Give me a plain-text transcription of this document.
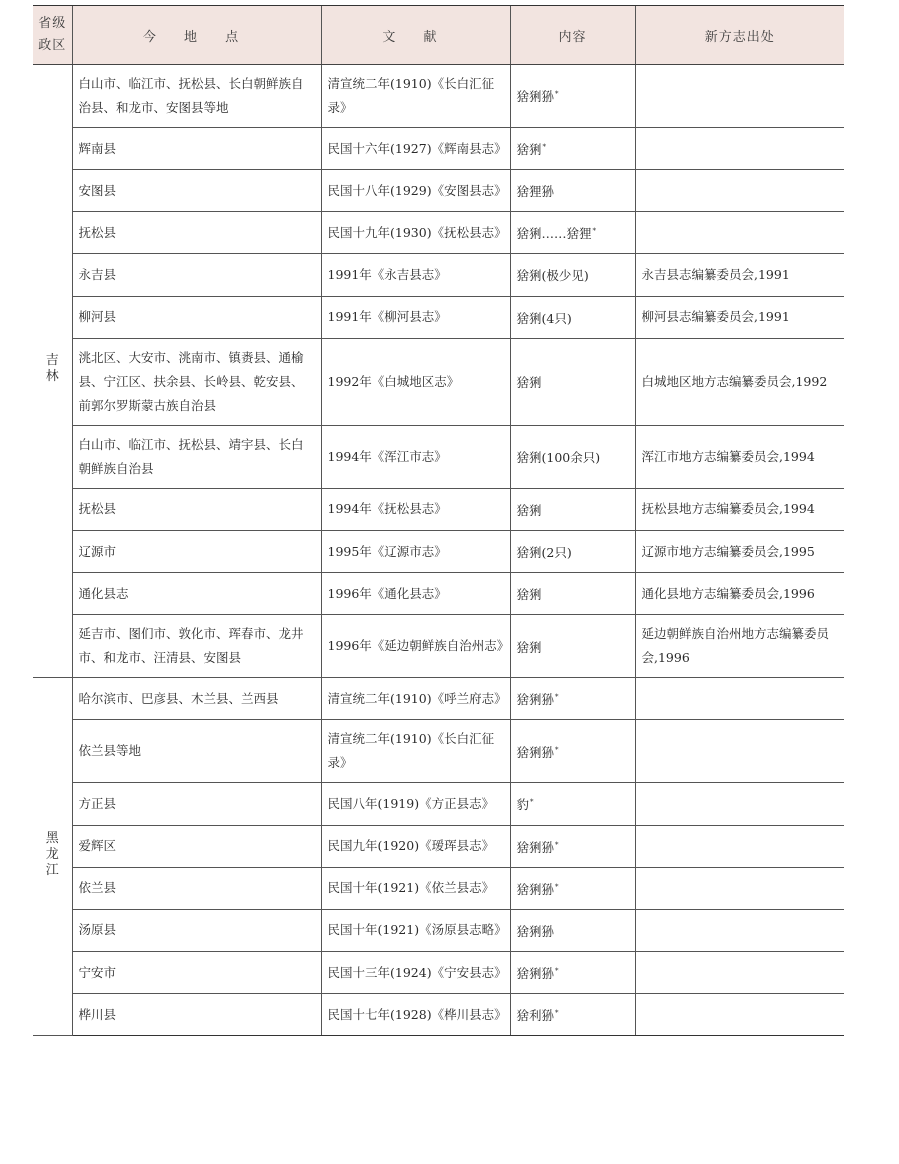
省级政区	今 地 点	文 献	内容	新方志出处
吉林	白山市、临江市、抚松县、长白朝鲜族自治县、和龙市、安图县等地	清宣统二年(1910)《长白汇征录》	猞猁狲*	
	辉南县	民国十六年(1927)《辉南县志》	猞猁*	
	安图县	民国十八年(1929)《安图县志》	猞狸狲	
	抚松县	民国十九年(1930)《抚松县志》	猞猁……猞狸*	
	永吉县	1991年《永吉县志》	猞猁(极少见)	永吉县志编纂委员会,1991
	柳河县	1991年《柳河县志》	猞猁(4只)	柳河县志编纂委员会,1991
	洮北区、大安市、洮南市、镇赉县、通榆县、宁江区、扶余县、长岭县、乾安县、前郭尔罗斯蒙古族自治县	1992年《白城地区志》	猞猁	白城地区地方志编纂委员会,1992
	白山市、临江市、抚松县、靖宇县、长白朝鲜族自治县	1994年《浑江市志》	猞猁(100余只)	浑江市地方志编纂委员会,1994
	抚松县	1994年《抚松县志》	猞猁	抚松县地方志编纂委员会,1994
	辽源市	1995年《辽源市志》	猞猁(2只)	辽源市地方志编纂委员会,1995
	通化县志	1996年《通化县志》	猞猁	通化县地方志编纂委员会,1996
	延吉市、图们市、敦化市、珲春市、龙井市、和龙市、汪清县、安图县	1996年《延边朝鲜族自治州志》	猞猁	延边朝鲜族自治州地方志编纂委员会,1996
黑龙江	哈尔滨市、巴彦县、木兰县、兰西县	清宣统二年(1910)《呼兰府志》	猞猁狲*	
	依兰县等地	清宣统二年(1910)《长白汇征录》	猞猁狲*	
	方正县	民国八年(1919)《方正县志》	豹*	
	爱辉区	民国九年(1920)《瑷珲县志》	猞猁狲*	
	依兰县	民国十年(1921)《依兰县志》	猞猁狲*	
	汤原县	民国十年(1921)《汤原县志略》	猞猁狲	
	宁安市	民国十三年(1924)《宁安县志》	猞猁狲*	
	桦川县	民国十七年(1928)《桦川县志》	猞利狲*	
